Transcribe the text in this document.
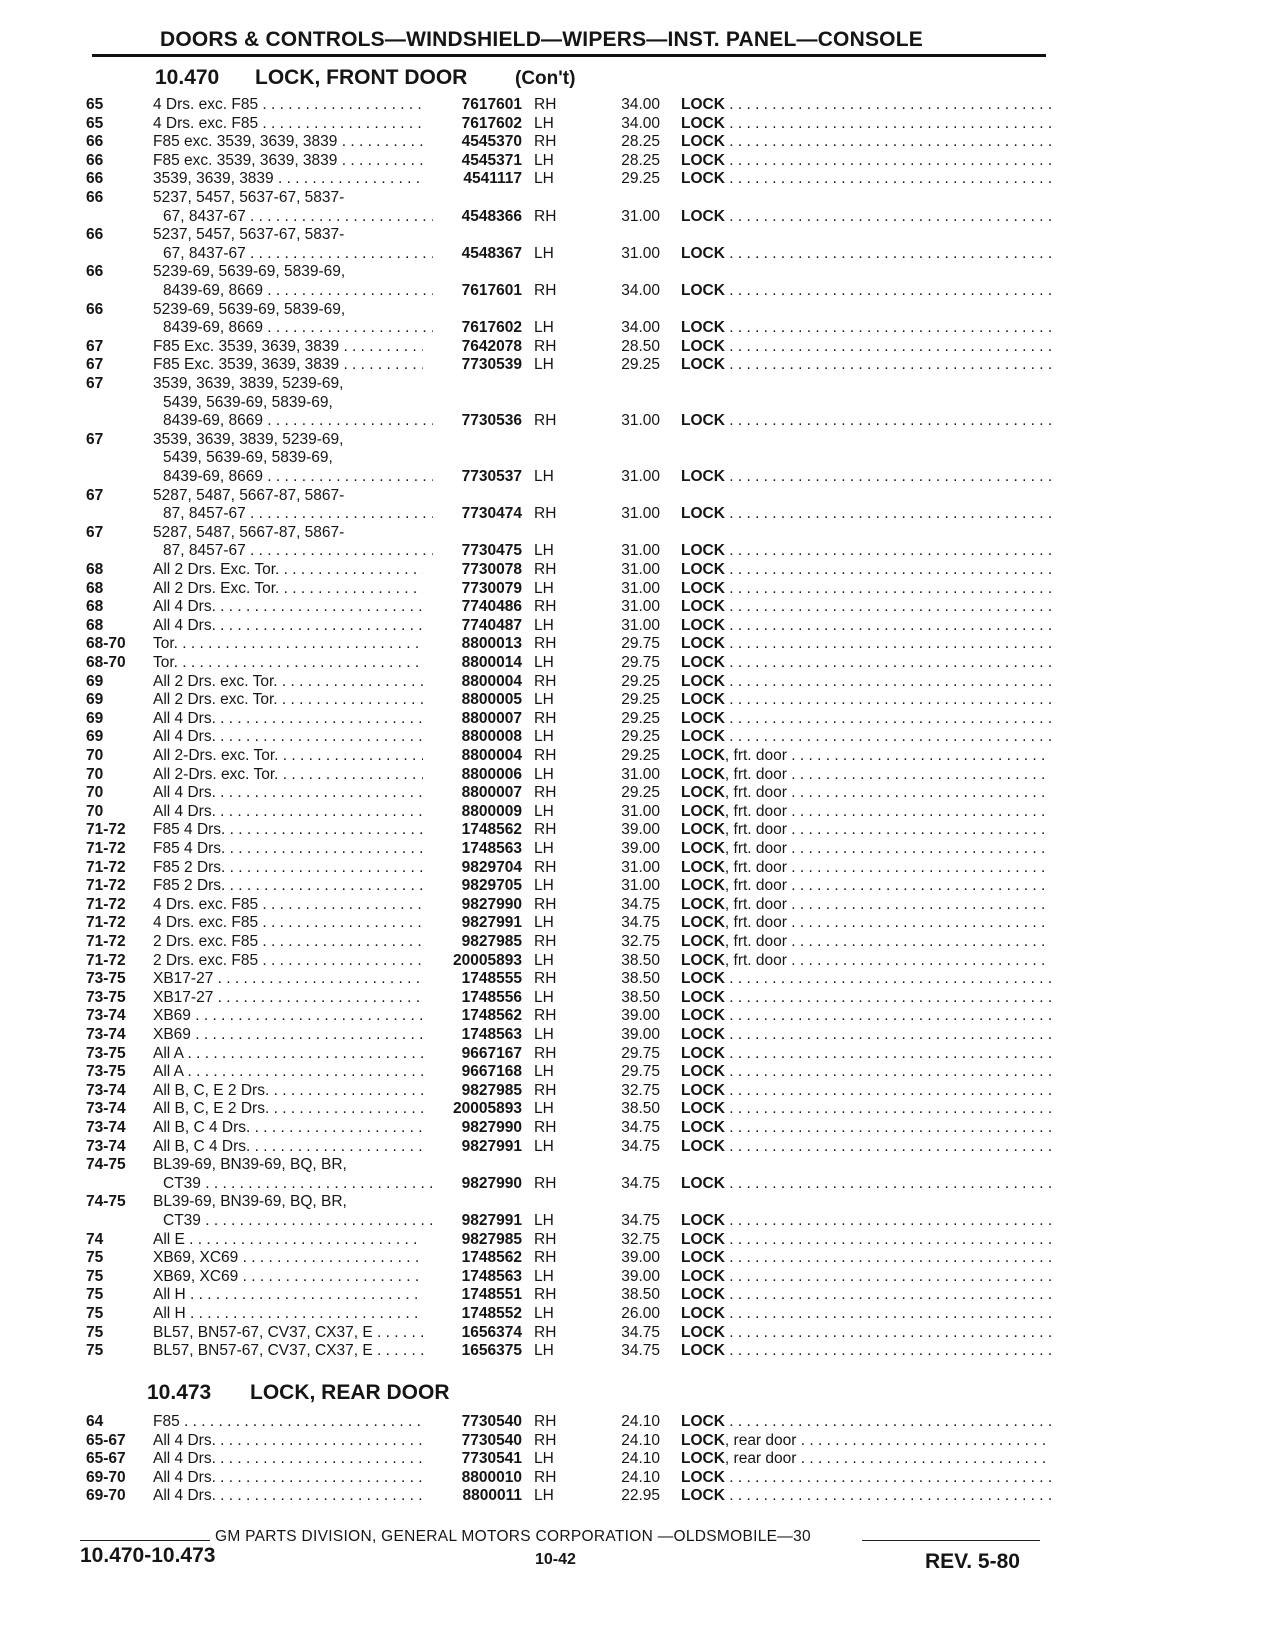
DOORS & CONTROLS—WINDSHIELD—WIPERS—INST. PANEL—CONSOLE
10.470 LOCK, FRONT DOOR	(Con't)
65	4 Drs. exc. F85 . . .	7617601 RH	34.00 LOCK . . .
65	4 Drs. exc. F85 . . .	7617602 LH	34.00 LOCK . . .
66	F85 exc. 3539, 3639, 3839 . . .	4545370 RH	28.25 LOCK . . .
66	F85 exc. 3539, 3639, 3839 . . .	4545371 LH	28.25 LOCK . . .
66	3539, 3639, 3839 . . .	4541117 LH	29.25 LOCK . . .
66	5237, 5457, 5637-67, 5837-
67, 8437-67 . . .	4548366 RH	31.00 LOCK . . .
66	5237, 5457, 5637-67, 5837-
67, 8437-67 . . .	4548367 LH	31.00 LOCK . . .
66	5239-69, 5639-69, 5839-69,
8439-69, 8669 . . .	7617601 RH	34.00 LOCK . . .
66	5239-69, 5639-69, 5839-69,
8439-69, 8669 . . .	7617602 LH	34.00 LOCK . . .
67	F85 Exc. 3539, 3639, 3839 . . .	7642078 RH	28.50 LOCK . . .
67	F85 Exc. 3539, 3639, 3839 . . .	7730539 LH	29.25 LOCK . . .
67	3539, 3639, 3839, 5239-69,
5439, 5639-69, 5839-69,
8439-69, 8669 . . .	7730536 RH	31.00 LOCK . . .
67	3539, 3639, 3839, 5239-69,
5439, 5639-69, 5839-69,
8439-69, 8669 . . .	7730537 LH	31.00 LOCK . . .
67	5287, 5487, 5667-87, 5867-
87, 8457-67 . . .	7730474 RH	31.00 LOCK . . .
67	5287, 5487, 5667-87, 5867-
87, 8457-67 . . .	7730475 LH	31.00 LOCK . . .
68	All 2 Drs. Exc. Tor. . . .	7730078 RH	31.00 LOCK . . .
68	All 2 Drs. Exc. Tor. . . .	7730079 LH	31.00 LOCK . . .
68	All 4 Drs. . . .	7740486 RH	31.00 LOCK . . .
68	All 4 Drs. . . .	7740487 LH	31.00 LOCK . . .
68-70 Tor. . . .	8800013 RH	29.75 LOCK . . .
68-70 Tor. . . .	8800014 LH	29.75 LOCK . . .
69	All 2 Drs. exc. Tor. . . .	8800004 RH	29.25 LOCK . . .
69	All 2 Drs. exc. Tor. . . .	8800005 LH	29.25 LOCK . . .
69	All 4 Drs. . . .	8800007 RH	29.25 LOCK . . .
69	All 4 Drs. . . .	8800008 LH	29.25 LOCK . . .
70	All 2-Drs. exc. Tor. . . .	8800004 RH	29.25 LOCK, frt. door . . .
70	All 2-Drs. exc. Tor. . . .	8800006 LH	31.00 LOCK, frt. door . . .
70	All 4 Drs. . . .	8800007 RH	29.25 LOCK, frt. door . . .
70	All 4 Drs. . . .	8800009 LH	31.00 LOCK, frt. door . . .
71-72 F85 4 Drs. . . .	1748562 RH	39.00 LOCK, frt. door . . .
71-72 F85 4 Drs. . . .	1748563 LH	39.00 LOCK, frt. door . . .
71-72 F85 2 Drs. . . .	9829704 RH	31.00 LOCK, frt. door . . .
71-72 F85 2 Drs. . . .	9829705 LH	31.00 LOCK, frt. door . . .
71-72 4 Drs. exc. F85 . . .	9827990 RH	34.75 LOCK, frt. door . . .
71-72 4 Drs. exc. F85 . . .	9827991 LH	34.75 LOCK, frt. door . . .
71-72 2 Drs. exc. F85 . . .	9827985 RH	32.75 LOCK, frt. door . . .
71-72 2 Drs. exc. F85 . . .	20005893 LH	38.50 LOCK, frt. door . . .
73-75 XB17-27 . . .	1748555 RH	38.50 LOCK . . .
73-75 XB17-27 . . .	1748556 LH	38.50 LOCK . . .
73-74 XB69 . . .	1748562 RH	39.00 LOCK . . .
73-74 XB69 . . .	1748563 LH	39.00 LOCK . . .
73-75 All A . . .	9667167 RH	29.75 LOCK . . .
73-75 All A . . .	9667168 LH	29.75 LOCK . . .
73-74 All B, C, E 2 Drs. . . .	9827985 RH	32.75 LOCK . . .
73-74 All B, C, E 2 Drs. . . .	20005893 LH	38.50 LOCK . . .
73-74 All B, C 4 Drs. . . .	9827990 RH	34.75 LOCK . . .
73-74 All B, C 4 Drs. . . .	9827991 LH	34.75 LOCK . . .
74-75 BL39-69, BN39-69, BQ, BR,
CT39 . . .	9827990 RH	34.75 LOCK . . .
74-75 BL39-69, BN39-69, BQ, BR,
CT39 . . .	9827991 LH	34.75 LOCK . . .
74	All E . . .	9827985 RH	32.75 LOCK . . .
75	XB69, XC69 . . .	1748562 RH	39.00 LOCK . . .
75	XB69, XC69 . . .	1748563 LH	39.00 LOCK . . .
75	All H . . .	1748551 RH	38.50 LOCK . . .
75	All H . . .	1748552 LH	26.00 LOCK . . .
75	BL57, BN57-67, CV37, CX37, E . . .	1656374 RH	34.75 LOCK . . .
75	BL57, BN57-67, CV37, CX37, E . . .	1656375 LH	34.75 LOCK . . .
10.473 LOCK, REAR DOOR
64	F85 . . .	7730540 RH	24.10 LOCK . . .
65-67 All 4 Drs. . . .	7730540 RH	24.10 LOCK, rear door . . .
65-67 All 4 Drs. . . .	7730541 LH	24.10 LOCK, rear door . . .
69-70 All 4 Drs. . . .	8800010 RH	24.10 LOCK . . .
69-70 All 4 Drs. . . .	8800011 LH	22.95 LOCK . . .
GM PARTS DIVISION, GENERAL MOTORS CORPORATION —OLDSMOBILE—30
10.470-10.473	10-42	REV. 5-80
